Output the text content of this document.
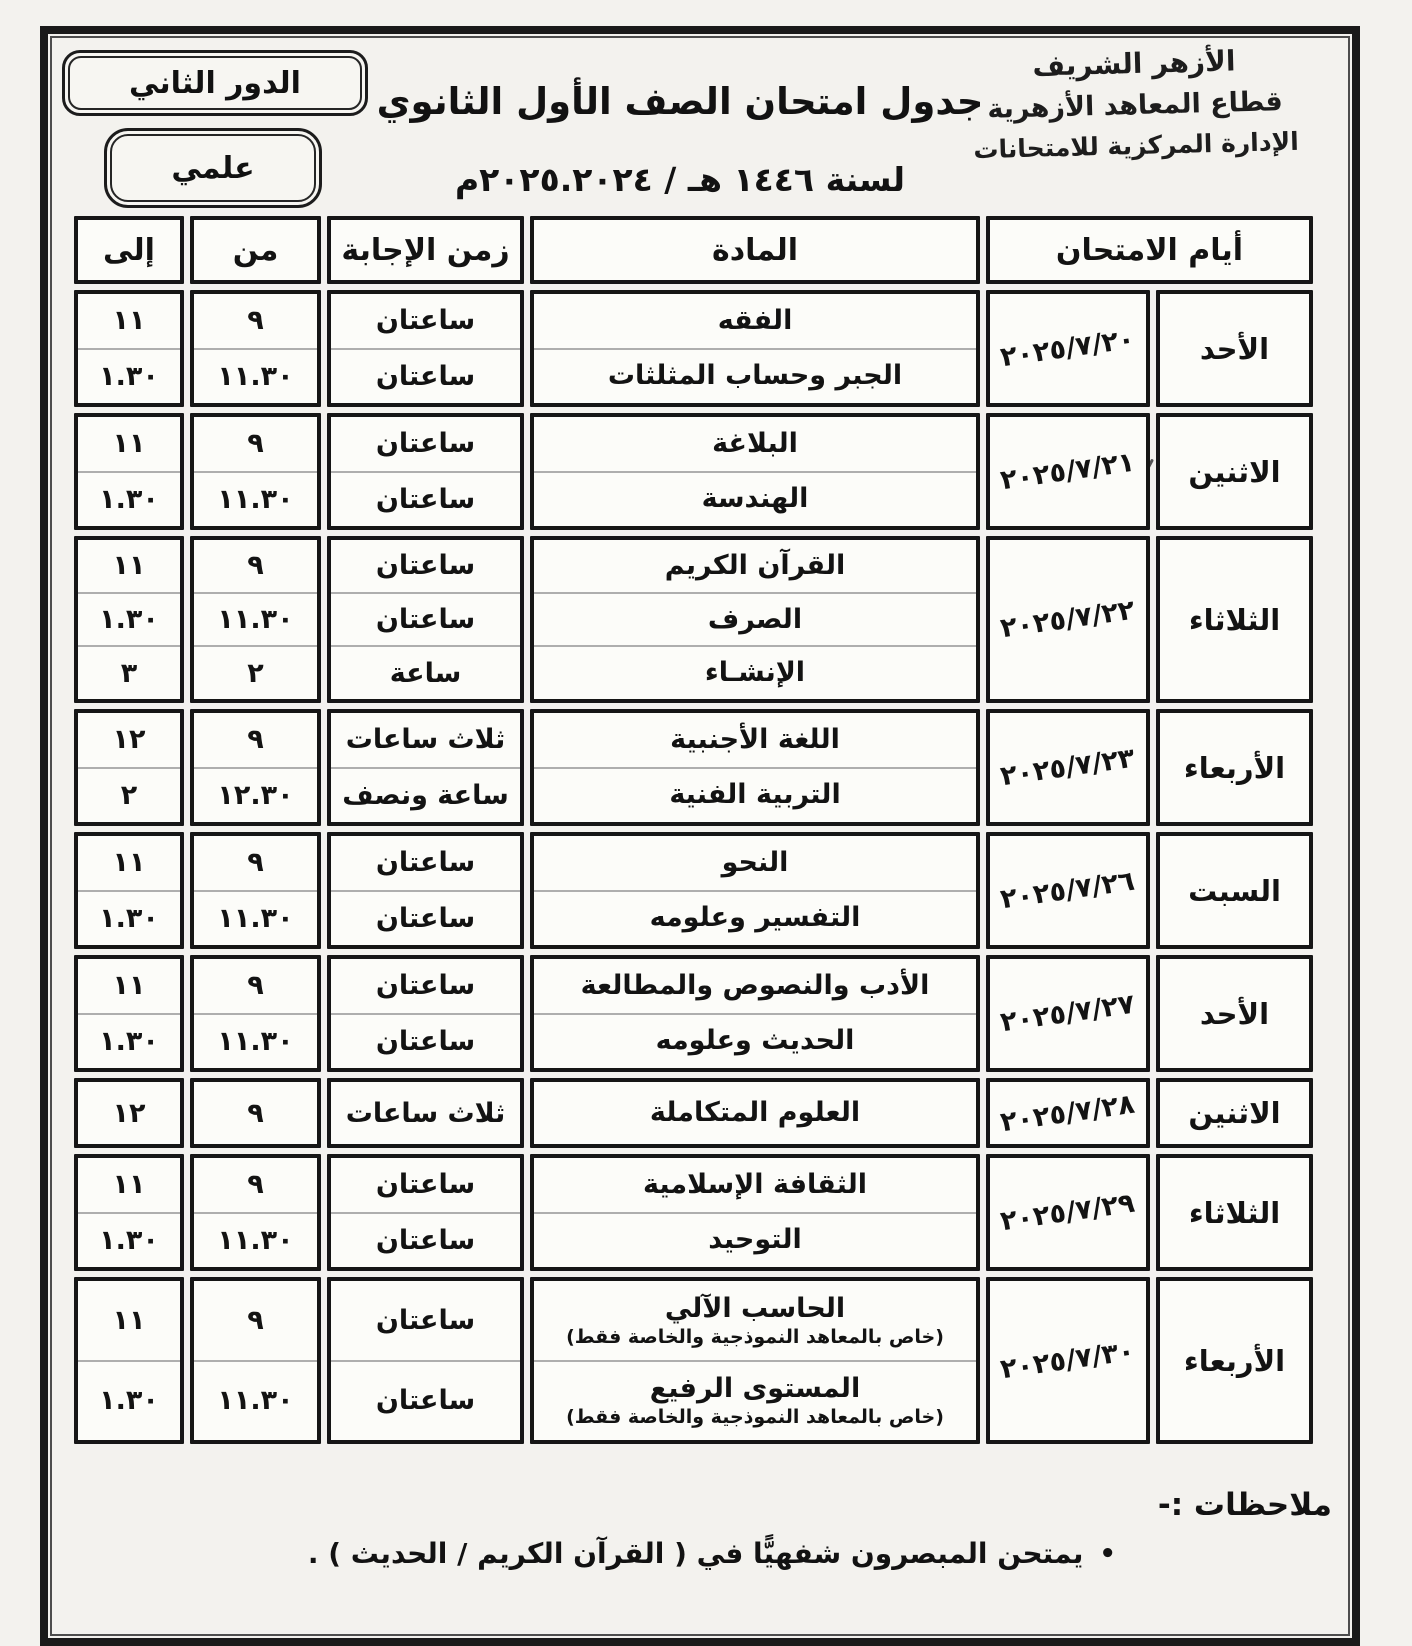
الدور الثاني
علمي
جدول امتحان الصف الأول الثانوي
لسنة ١٤٤٦ هـ / ٢٠٢٥.٢٠٢٤م
الأزهر الشريف
قطاع المعاهد الأزهرية
الإدارة المركزية للامتحانات
أيام الامتحان
المادة
زمن الإجابة
من
إلى
الأحد
٢٠٢٥/٧/٢٠
الفقه
الجبر وحساب المثلثات
ساعتان
ساعتان
٩
١١.٣٠
١١
١.٣٠
الاثنين
٢٠٢٥/٧/٢١
البلاغة
الهندسة
ساعتان
ساعتان
٩
١١.٣٠
١١
١.٣٠
الثلاثاء
٢٠٢٥/٧/٢٢
القرآن الكريم
الصرف
الإنشـاء
ساعتان
ساعتان
ساعة
٩
١١.٣٠
٢
١١
١.٣٠
٣
الأربعاء
٢٠٢٥/٧/٢٣
اللغة الأجنبية
التربية الفنية
ثلاث ساعات
ساعة ونصف
٩
١٢.٣٠
١٢
٢
السبت
٢٠٢٥/٧/٢٦
النحو
التفسير وعلومه
ساعتان
ساعتان
٩
١١.٣٠
١١
١.٣٠
الأحد
٢٠٢٥/٧/٢٧
الأدب والنصوص والمطالعة
الحديث وعلومه
ساعتان
ساعتان
٩
١١.٣٠
١١
١.٣٠
الاثنين
٢٠٢٥/٧/٢٨
العلوم المتكاملة
ثلاث ساعات
٩
١٢
الثلاثاء
٢٠٢٥/٧/٢٩
الثقافة الإسلامية
التوحيد
ساعتان
ساعتان
٩
١١.٣٠
١١
١.٣٠
الأربعاء
٢٠٢٥/٧/٣٠
الحاسب الآلي
(خاص بالمعاهد النموذجية والخاصة فقط)
المستوى الرفيع
(خاص بالمعاهد النموذجية والخاصة فقط)
ساعتان
ساعتان
٩
١١.٣٠
١١
١.٣٠
ملاحظات :-
•
يمتحن المبصرون شفهيًّا في ( القرآن الكريم / الحديث ) .
